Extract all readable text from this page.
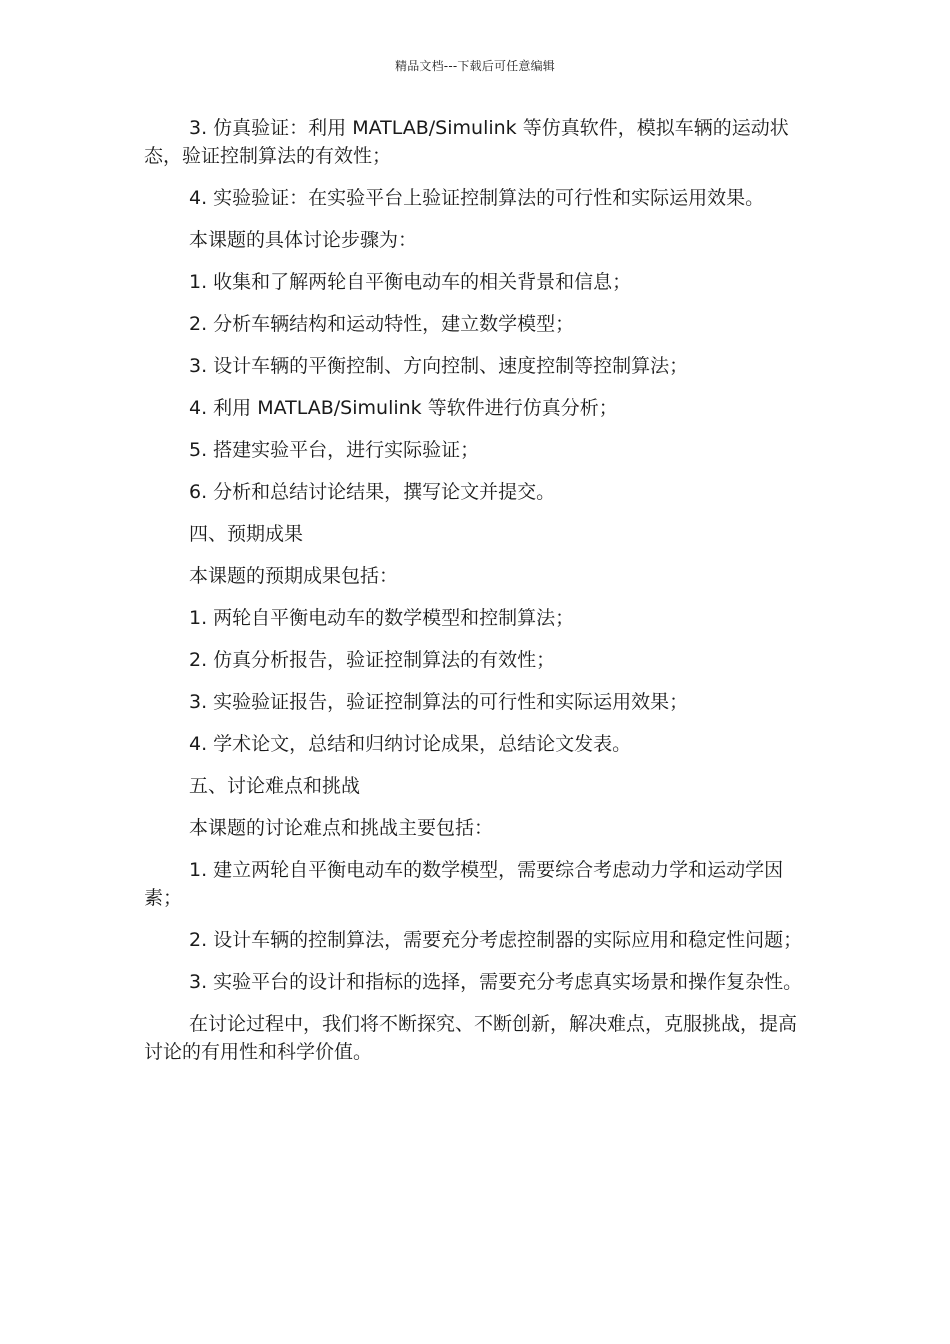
精品文档---下载后可任意编辑

3. 仿真验证：利用 MATLAB/Simulink 等仿真软件，模拟车辆的运动状态，验证控制算法的有效性；

4. 实验验证：在实验平台上验证控制算法的可行性和实际运用效果。

本课题的具体讨论步骤为：

1. 收集和了解两轮自平衡电动车的相关背景和信息；

2. 分析车辆结构和运动特性，建立数学模型；

3. 设计车辆的平衡控制、方向控制、速度控制等控制算法；

4. 利用 MATLAB/Simulink 等软件进行仿真分析；

5. 搭建实验平台，进行实际验证；

6. 分析和总结讨论结果，撰写论文并提交。

四、预期成果

本课题的预期成果包括：

1. 两轮自平衡电动车的数学模型和控制算法；

2. 仿真分析报告，验证控制算法的有效性；

3. 实验验证报告，验证控制算法的可行性和实际运用效果；

4. 学术论文，总结和归纳讨论成果，总结论文发表。

五、讨论难点和挑战

本课题的讨论难点和挑战主要包括：

1. 建立两轮自平衡电动车的数学模型，需要综合考虑动力学和运动学因素；

2. 设计车辆的控制算法，需要充分考虑控制器的实际应用和稳定性问题；

3. 实验平台的设计和指标的选择，需要充分考虑真实场景和操作复杂性。

在讨论过程中，我们将不断探究、不断创新，解决难点，克服挑战，提高讨论的有用性和科学价值。
